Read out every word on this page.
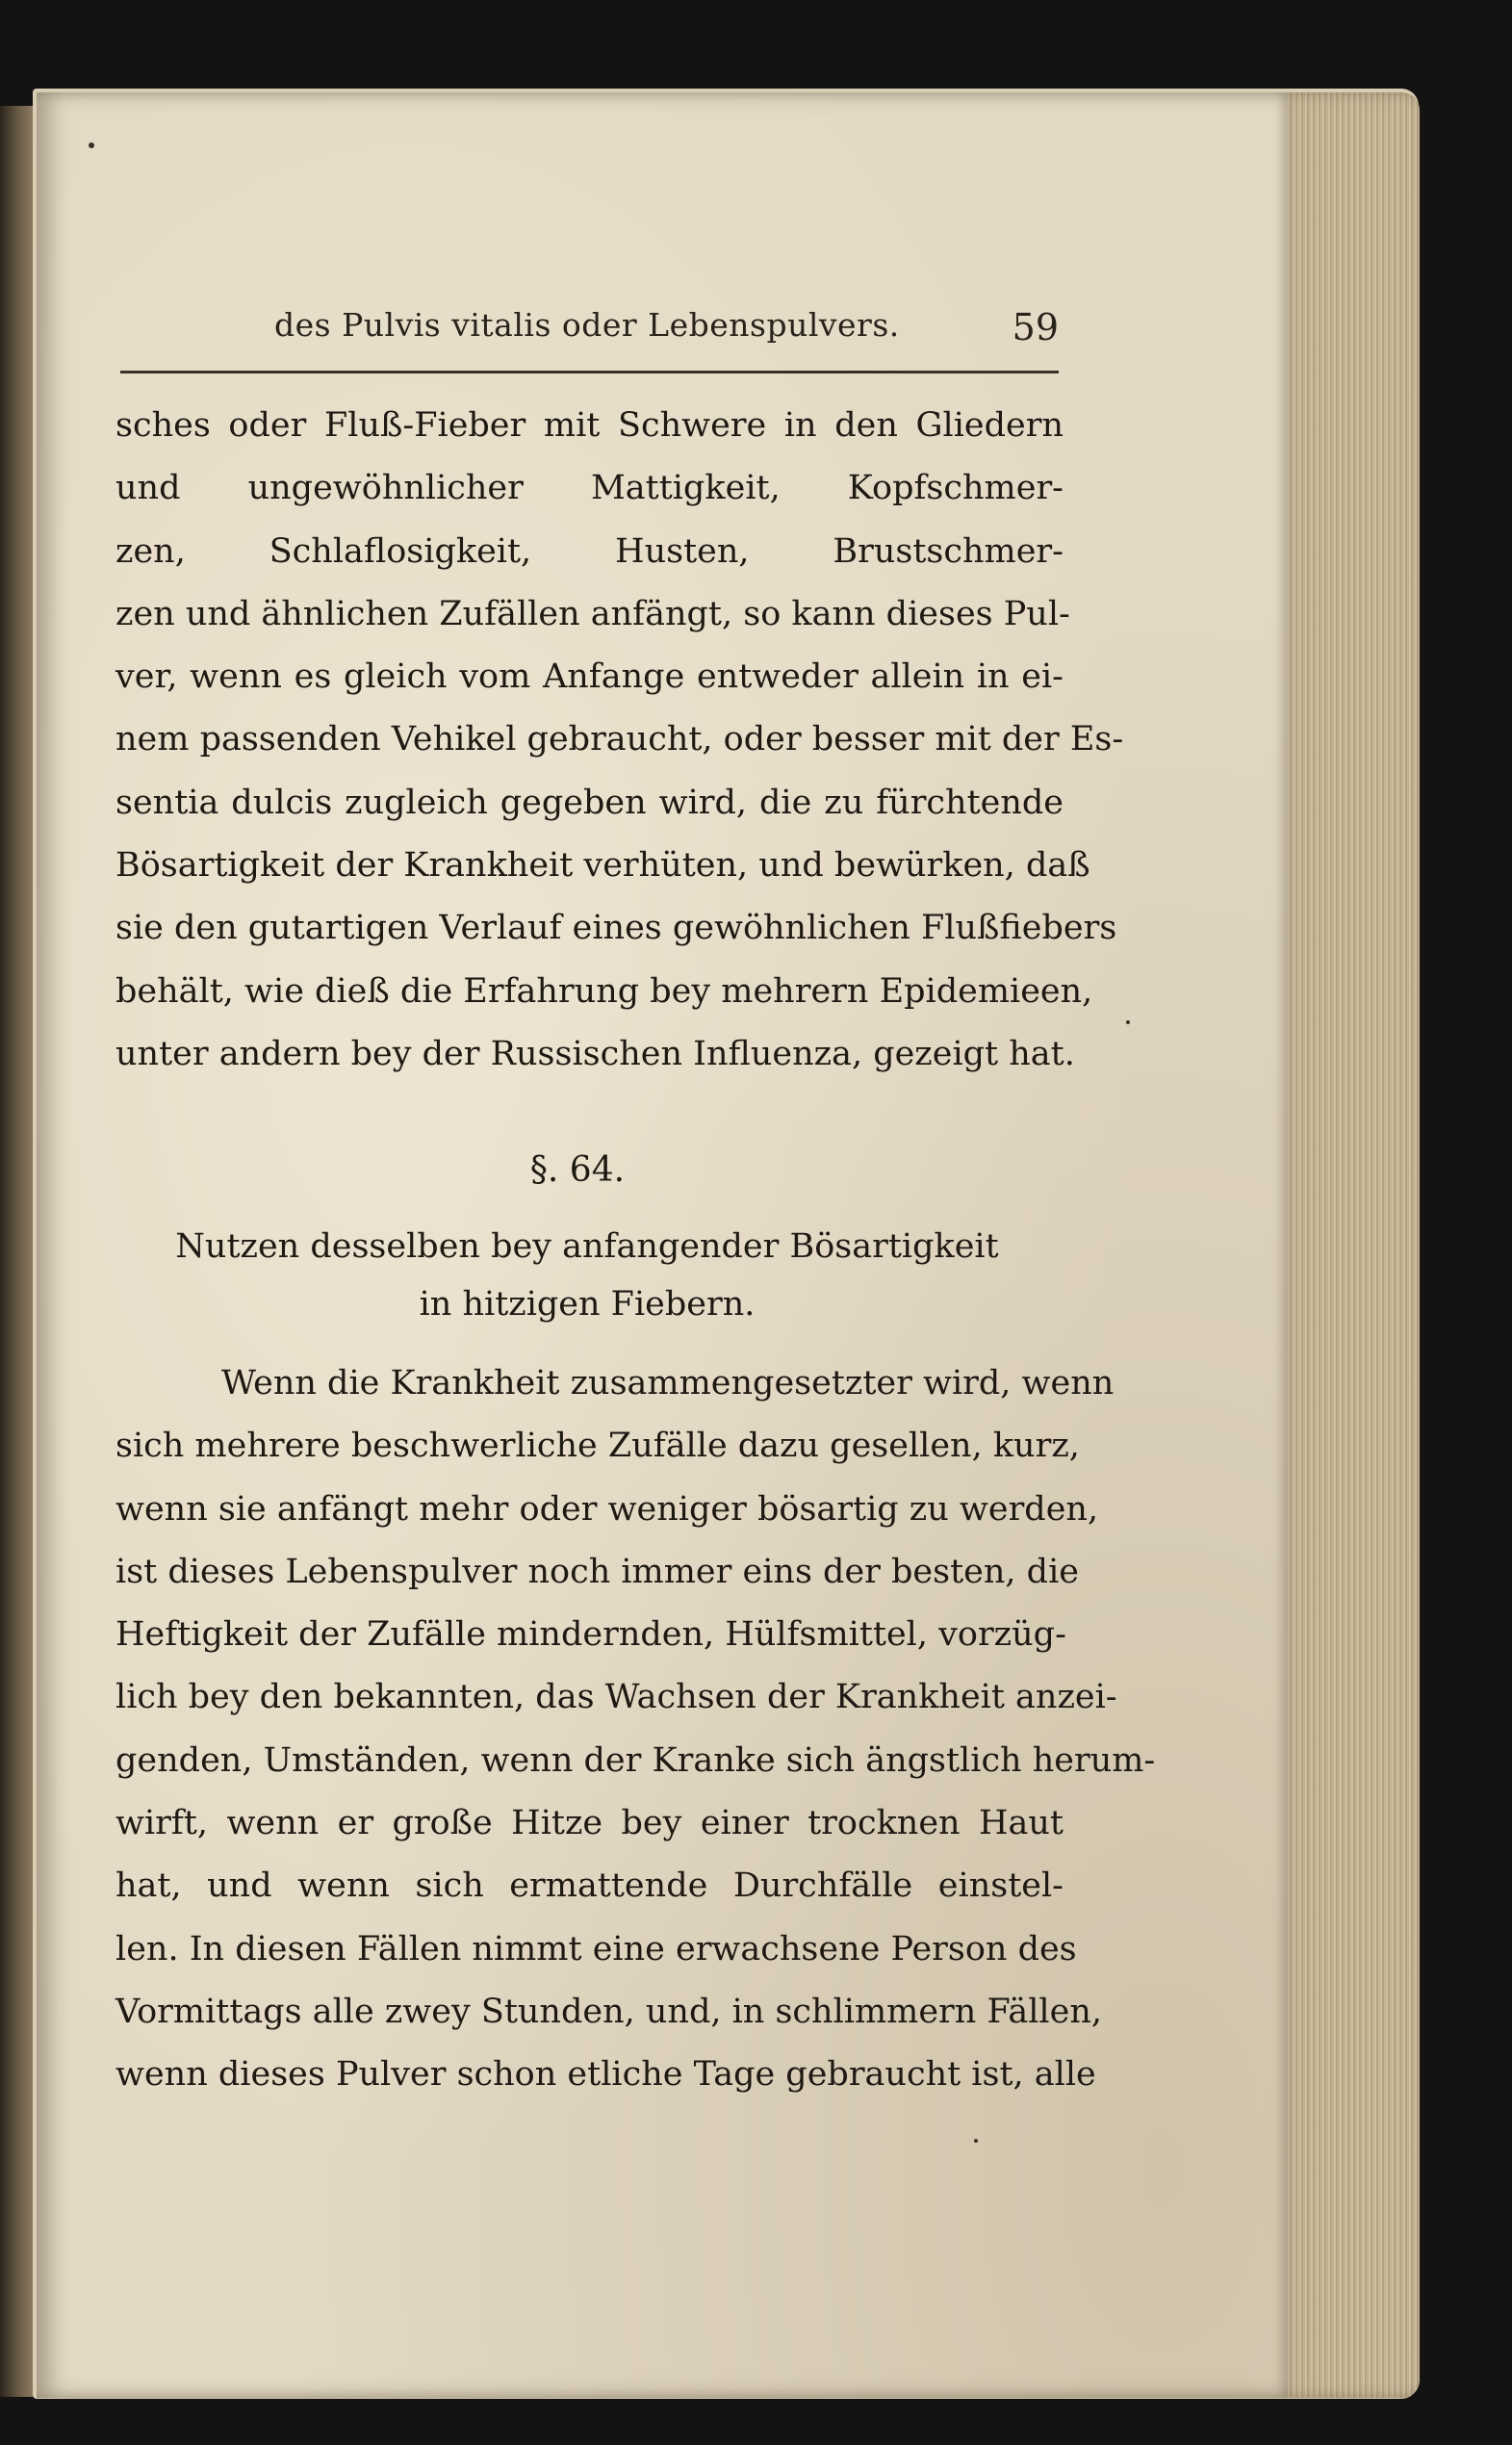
des Pulvis vitalis oder Lebenspulvers.	59
sches oder Fluß-Fieber mit Schwere in den Gliedern
und ungewöhnlicher Mattigkeit, Kopfschmer-
zen, Schlaflosigkeit, Husten, Brustschmer-
zen und ähnlichen Zufällen anfängt, so kann dieses Pul-
ver, wenn es gleich vom Anfange entweder allein in ei-
nem passenden Vehikel gebraucht, oder besser mit der Es-
sentia dulcis zugleich gegeben wird, die zu fürchtende
Bösartigkeit der Krankheit verhüten, und bewürken, daß
sie den gutartigen Verlauf eines gewöhnlichen Flußfiebers
behält, wie dieß die Erfahrung bey mehrern Epidemieen,
unter andern bey der Russischen Influenza, gezeigt hat.
§. 64.
Nutzen desselben bey anfangender Bösartigkeit
in hitzigen Fiebern.
Wenn die Krankheit zusammengesetzter wird, wenn
sich mehrere beschwerliche Zufälle dazu gesellen, kurz,
wenn sie anfängt mehr oder weniger bösartig zu werden,
ist dieses Lebenspulver noch immer eins der besten, die
Heftigkeit der Zufälle mindernden, Hülfsmittel, vorzüg-
lich bey den bekannten, das Wachsen der Krankheit anzei-
genden, Umständen, wenn der Kranke sich ängstlich herum-
wirft, wenn er große Hitze bey einer trocknen Haut
hat, und wenn sich ermattende Durchfälle einstel-
len. In diesen Fällen nimmt eine erwachsene Person des
Vormittags alle zwey Stunden, und, in schlimmern Fällen,
wenn dieses Pulver schon etliche Tage gebraucht ist, alle
